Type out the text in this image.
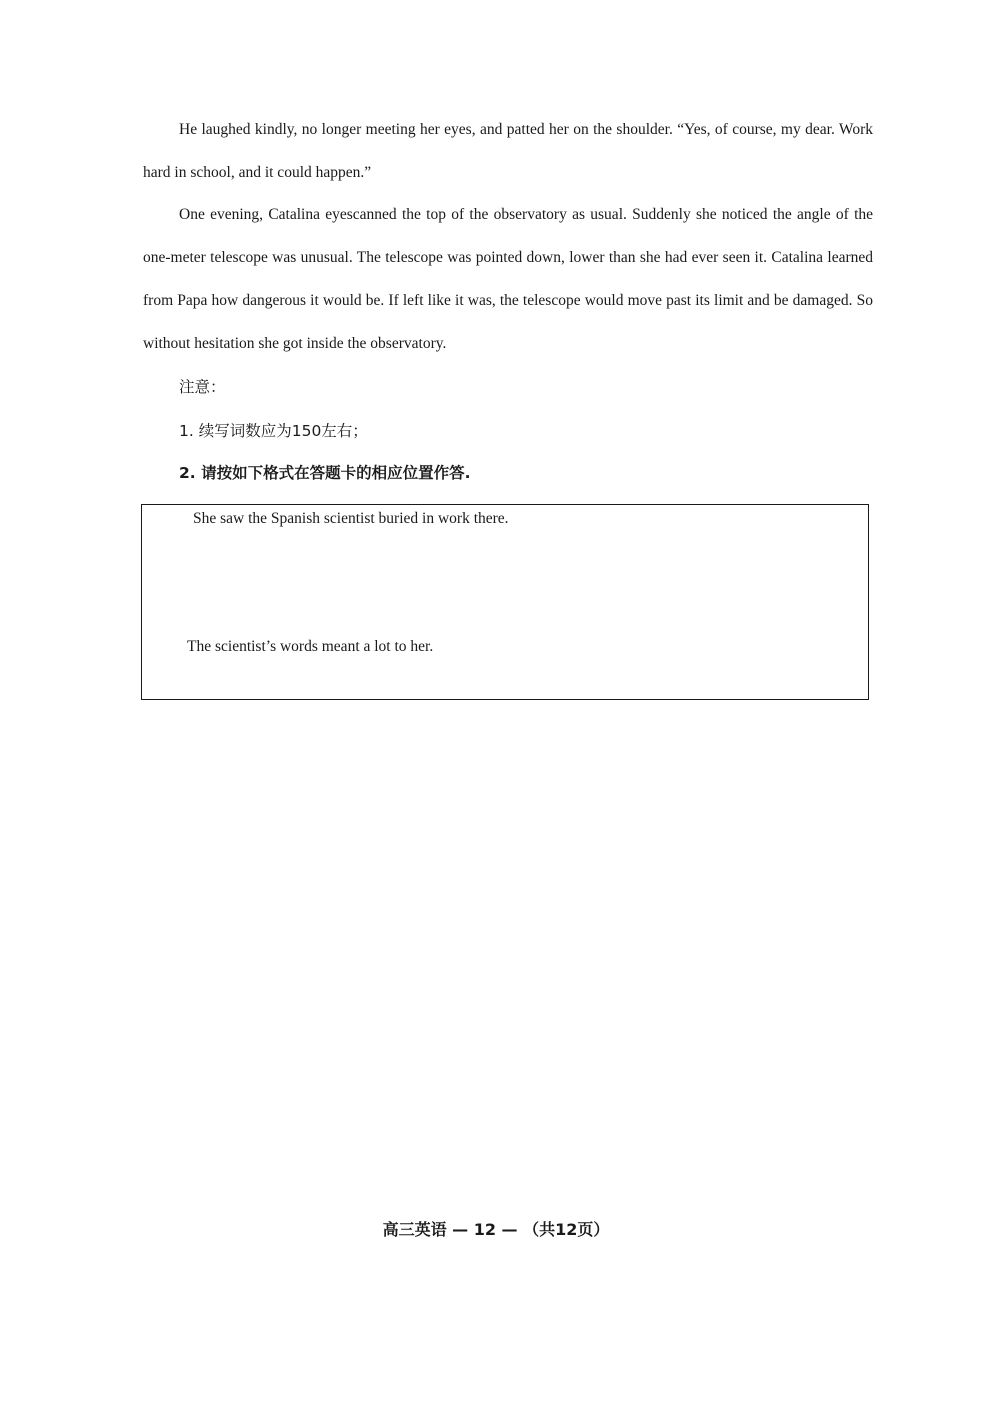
He laughed kindly, no longer meeting her eyes, and patted her on the shoulder. “Yes, of course, my dear. Work hard in school, and it could happen.”

One evening, Catalina eyescanned the top of the observatory as usual. Suddenly she noticed the angle of the one-meter telescope was unusual. The telescope was pointed down, lower than she had ever seen it. Catalina learned from Papa how dangerous it would be. If left like it was, the telescope would move past its limit and be damaged. So without hesitation she got inside the observatory.

注意：

1. 续写词数应为150左右；

2. 请按如下格式在答题卡的相应位置作答.

She saw the Spanish scientist buried in work there.

The scientist’s words meant a lot to her.

高三英语 — 12 — （共12页）
